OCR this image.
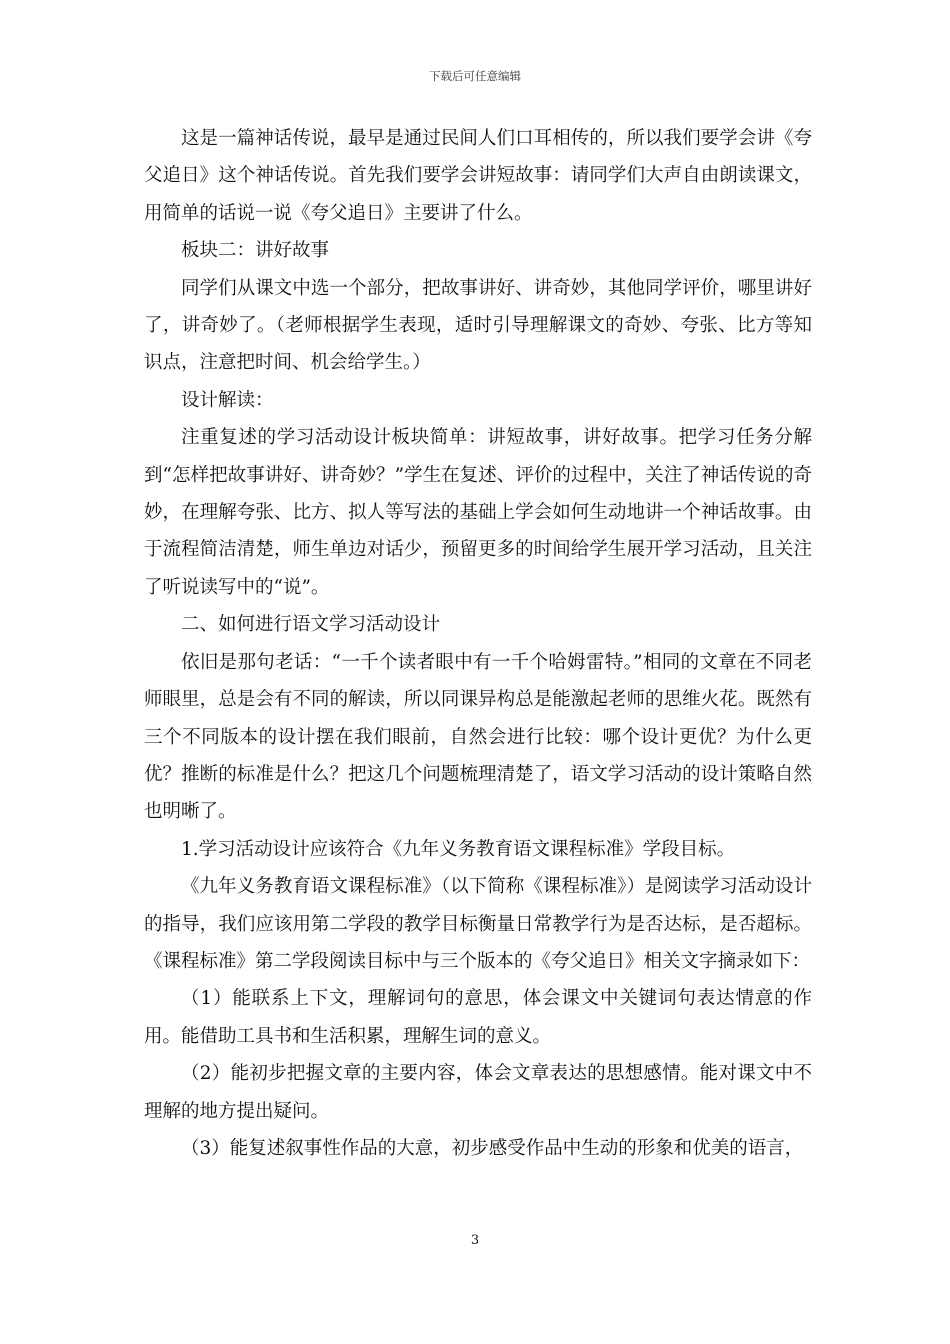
下载后可任意编辑

这是一篇神话传说，最早是通过民间人们口耳相传的，所以我们要学会讲《夸父追日》这个神话传说。首先我们要学会讲短故事：请同学们大声自由朗读课文，用简单的话说一说《夸父追日》主要讲了什么。

板块二：讲好故事

同学们从课文中选一个部分，把故事讲好、讲奇妙，其他同学评价，哪里讲好了，讲奇妙了。（老师根据学生表现，适时引导理解课文的奇妙、夸张、比方等知识点，注意把时间、机会给学生。）

设计解读：

注重复述的学习活动设计板块简单：讲短故事，讲好故事。把学习任务分解到“怎样把故事讲好、讲奇妙？”学生在复述、评价的过程中，关注了神话传说的奇妙，在理解夸张、比方、拟人等写法的基础上学会如何生动地讲一个神话故事。由于流程简洁清楚，师生单边对话少，预留更多的时间给学生展开学习活动，且关注了听说读写中的“说”。

二、如何进行语文学习活动设计

依旧是那句老话：“一千个读者眼中有一千个哈姆雷特。”相同的文章在不同老师眼里，总是会有不同的解读，所以同课异构总是能激起老师的思维火花。既然有三个不同版本的设计摆在我们眼前，自然会进行比较：哪个设计更优？为什么更优？推断的标准是什么？把这几个问题梳理清楚了，语文学习活动的设计策略自然也明晰了。

1.学习活动设计应该符合《九年义务教育语文课程标准》学段目标。

《九年义务教育语文课程标准》（以下简称《课程标准》）是阅读学习活动设计的指导，我们应该用第二学段的教学目标衡量日常教学行为是否达标，是否超标。《课程标准》第二学段阅读目标中与三个版本的《夸父追日》相关文字摘录如下：

（1）能联系上下文，理解词句的意思，体会课文中关键词句表达情意的作用。能借助工具书和生活积累，理解生词的意义。

（2）能初步把握文章的主要内容，体会文章表达的思想感情。能对课文中不理解的地方提出疑问。

（3）能复述叙事性作品的大意，初步感受作品中生动的形象和优美的语言，

3
